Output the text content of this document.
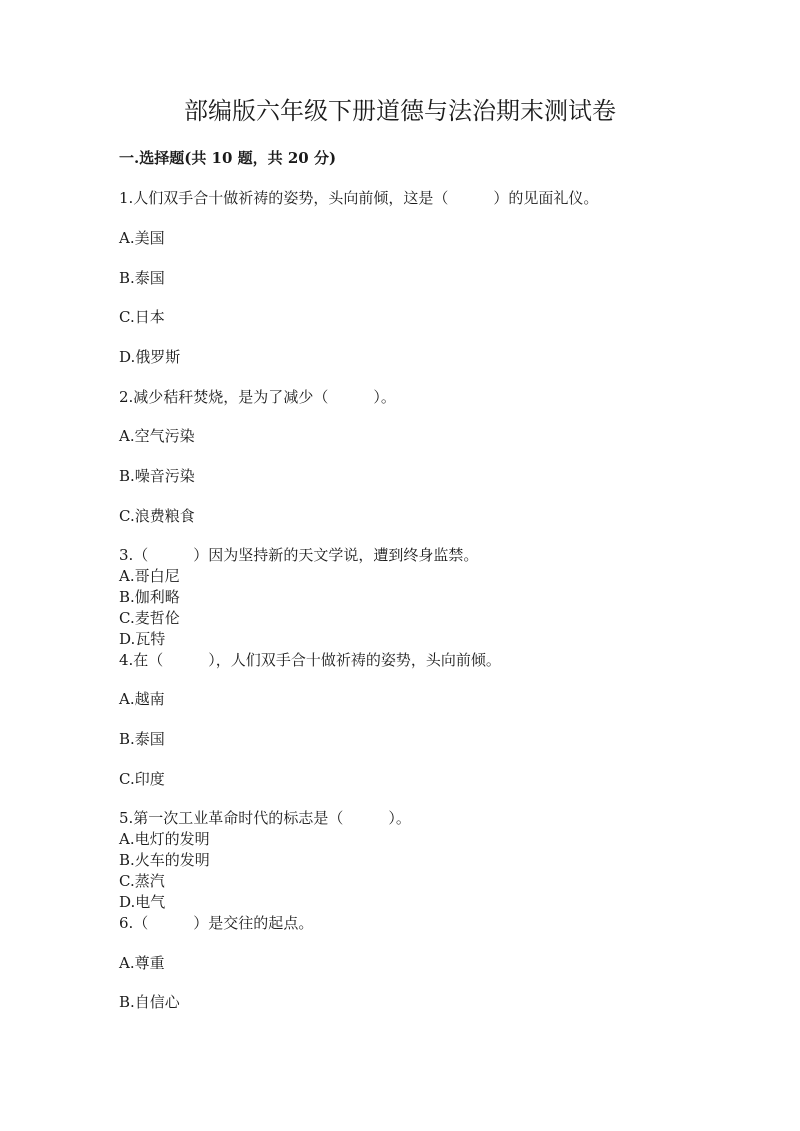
部编版六年级下册道德与法治期末测试卷
一.选择题(共 10 题，共 20 分)
1.人们双手合十做祈祷的姿势，头向前倾，这是（　　　）的见面礼仪。
A.美国
B.泰国
C.日本
D.俄罗斯
2.减少秸秆焚烧，是为了减少（　　　）。
A.空气污染
B.噪音污染
C.浪费粮食
3.（　　　）因为坚持新的天文学说，遭到终身监禁。
A.哥白尼
B.伽利略
C.麦哲伦
D.瓦特
4.在（　　　），人们双手合十做祈祷的姿势，头向前倾。
A.越南
B.泰国
C.印度
5.第一次工业革命时代的标志是（　　　）。
A.电灯的发明
B.火车的发明
C.蒸汽
D.电气
6.（　　　）是交往的起点。
A.尊重
B.自信心
